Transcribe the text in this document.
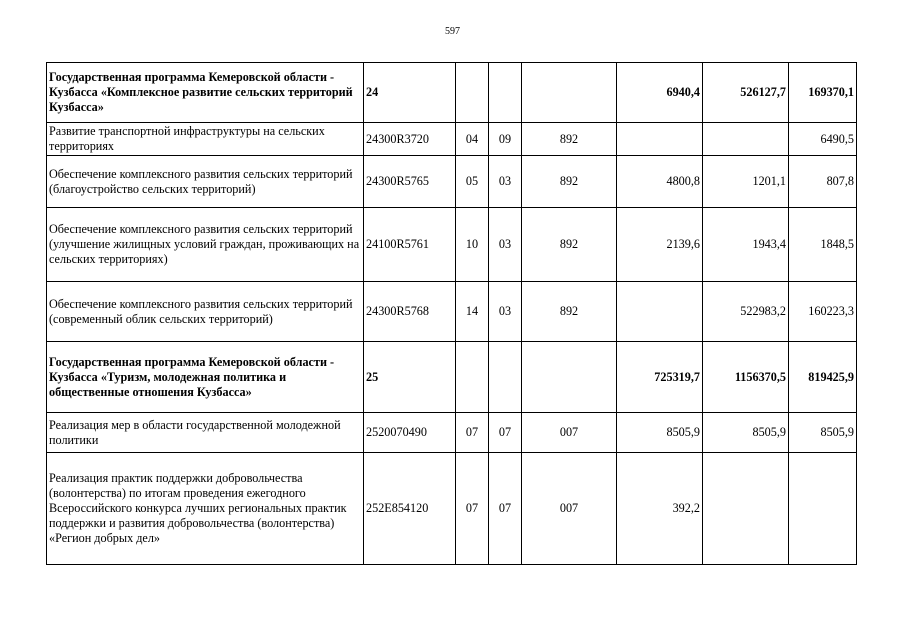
597
Государственная программа Кемеровской области - Кузбасса «Комплексное развитие сельских территорий Кузбасса»	24				6940,4	526127,7	169370,1
Развитие транспортной инфраструктуры на сельских территориях	24300R3720	04	09	892			6490,5
Обеспечение комплексного развития сельских территорий (благоустройство сельских территорий)	24300R5765	05	03	892	4800,8	1201,1	807,8
Обеспечение комплексного развития сельских территорий (улучшение жилищных условий граждан, проживающих на сельских территориях)	24100R5761	10	03	892	2139,6	1943,4	1848,5
Обеспечение комплексного развития сельских территорий (современный облик сельских территорий)	24300R5768	14	03	892		522983,2	160223,3
Государственная программа Кемеровской области - Кузбасса «Туризм, молодежная политика и общественные отношения Кузбасса»	25				725319,7	1156370,5	819425,9
Реализация мер в области государственной молодежной политики	2520070490	07	07	007	8505,9	8505,9	8505,9
Реализация практик поддержки добровольчества (волонтерства) по итогам проведения ежегодного Всероссийского конкурса лучших региональных практик поддержки и развития добровольчества (волонтерства) «Регион добрых дел»	252E854120	07	07	007	392,2		
